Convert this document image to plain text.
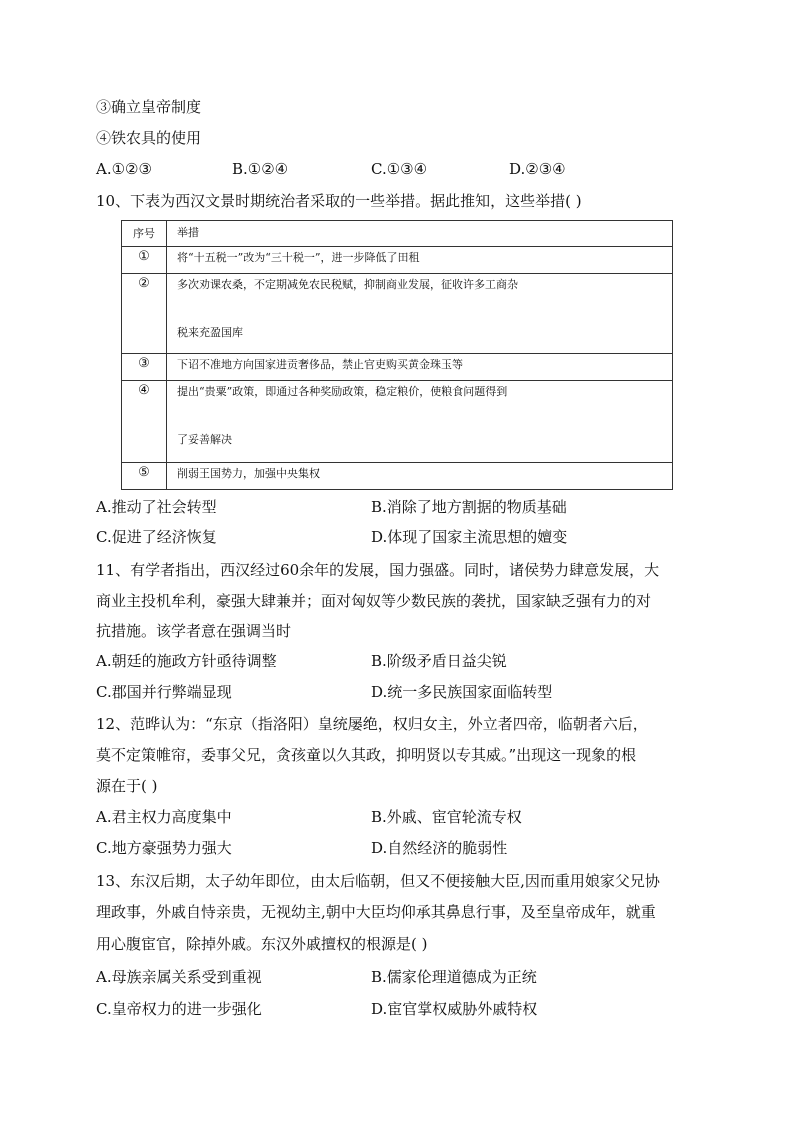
③确立皇帝制度
④铁农具的使用
A.①②③	B.①②④	C.①③④	D.②③④
10、下表为西汉文景时期统治者采取的一些举措。据此推知，这些举措( )
序号	举措
①	将“十五税一”改为“三十税一”，进一步降低了田租

②	多次劝课农桑，不定期减免农民税赋，抑制商业发展，征收许多工商杂
税来充盈国库

③	下诏不准地方向国家进贡奢侈品，禁止官吏购买黄金珠玉等

④	提出“贵粟”政策，即通过各种奖励政策，稳定粮价，使粮食问题得到
了妥善解决

⑤	削弱王国势力，加强中央集权
A.推动了社会转型	B.消除了地方割据的物质基础
C.促进了经济恢复	D.体现了国家主流思想的嬗变
11、有学者指出，西汉经过60余年的发展，国力强盛。同时，诸侯势力肆意发展，大
商业主投机牟利，豪强大肆兼并；面对匈奴等少数民族的袭扰，国家缺乏强有力的对
抗措施。该学者意在强调当时
A.朝廷的施政方针亟待调整	B.阶级矛盾日益尖锐
C.郡国并行弊端显现	D.统一多民族国家面临转型
12、范晔认为：“东京（指洛阳）皇统屡绝，权归女主，外立者四帝，临朝者六后，
莫不定策帷帘，委事父兄，贪孩童以久其政，抑明贤以专其威。”出现这一现象的根
源在于( )
A.君主权力高度集中	B.外戚、宦官轮流专权
C.地方豪强势力强大	D.自然经济的脆弱性
13、东汉后期，太子幼年即位，由太后临朝，但又不便接触大臣,因而重用娘家父兄协
理政事，外戚自恃亲贵，无视幼主,朝中大臣均仰承其鼻息行事，及至皇帝成年，就重
用心腹宦官，除掉外戚。东汉外戚擅权的根源是( )
A.母族亲属关系受到重视	B.儒家伦理道德成为正统
C.皇帝权力的进一步强化	D.宦官掌权威胁外戚特权
